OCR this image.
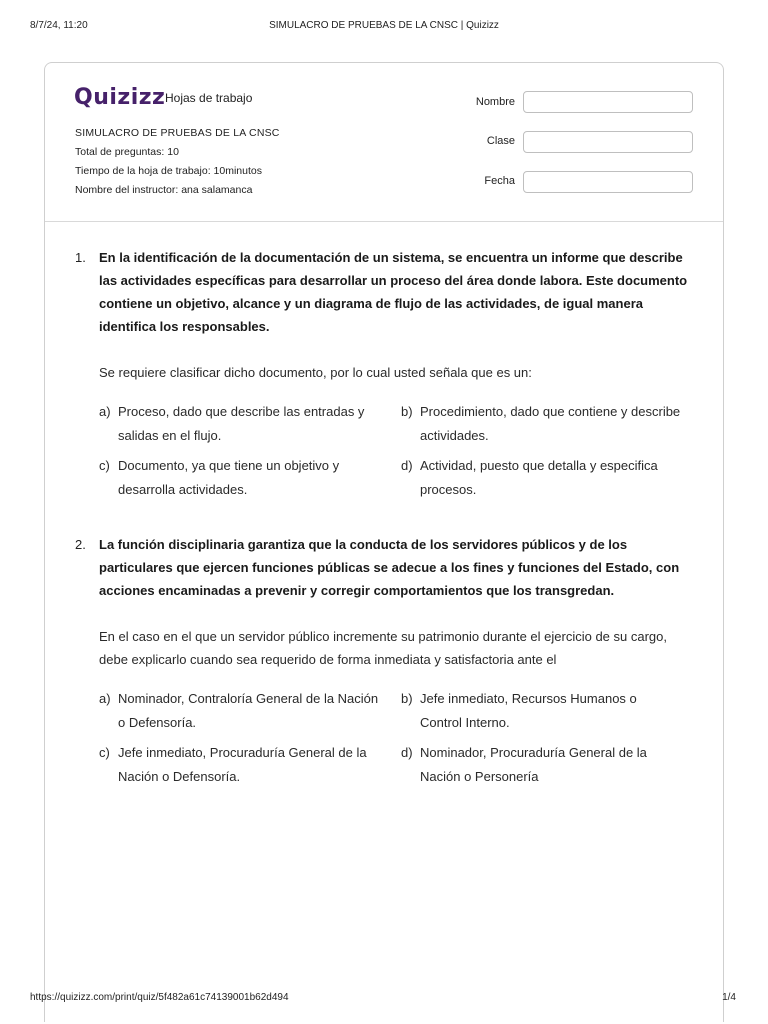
8/7/24, 11:20	SIMULACRO DE PRUEBAS DE LA CNSC | Quizizz
Quizizz Hojas de trabajo
SIMULACRO DE PRUEBAS DE LA CNSC
Total de preguntas: 10
Tiempo de la hoja de trabajo: 10minutos
Nombre del instructor: ana salamanca
Nombre
Clase
Fecha
1. En la identificación de la documentación de un sistema, se encuentra un informe que describe las actividades específicas para desarrollar un proceso del área donde labora. Este documento contiene un objetivo, alcance y un diagrama de flujo de las actividades, de igual manera identifica los responsables.
Se requiere clasificar dicho documento, por lo cual usted señala que es un:
a) Proceso, dado que describe las entradas y salidas en el flujo.
b) Procedimiento, dado que contiene y describe actividades.
c) Documento, ya que tiene un objetivo y desarrolla actividades.
d) Actividad, puesto que detalla y especifica procesos.
2. La función disciplinaria garantiza que la conducta de los servidores públicos y de los particulares que ejercen funciones públicas se adecue a los fines y funciones del Estado, con acciones encaminadas a prevenir y corregir comportamientos que los transgredan.
En el caso en el que un servidor público incremente su patrimonio durante el ejercicio de su cargo, debe explicarlo cuando sea requerido de forma inmediata y satisfactoria ante el
a) Nominador, Contraloría General de la Nación o Defensoría.
b) Jefe inmediato, Recursos Humanos o Control Interno.
c) Jefe inmediato, Procuraduría General de la Nación o Defensoría.
d) Nominador, Procuraduría General de la Nación o Personería
https://quizizz.com/print/quiz/5f482a61c74139001b62d494	1/4
